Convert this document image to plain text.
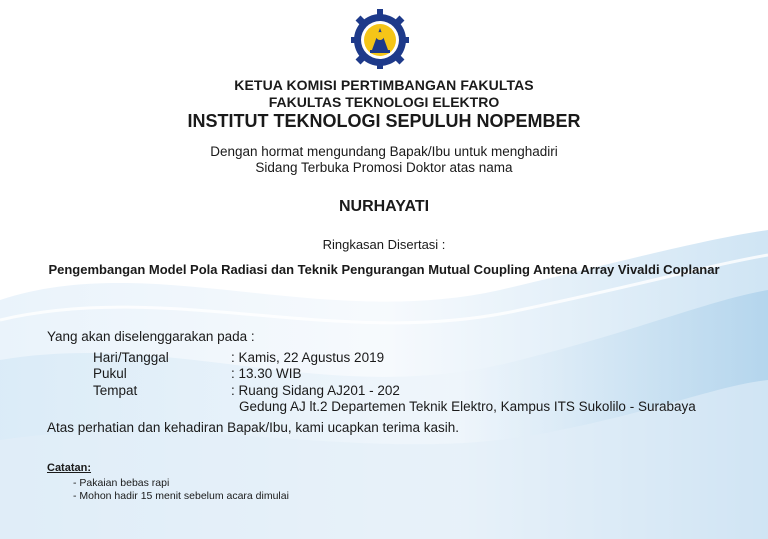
KETUA KOMISI PERTIMBANGAN FAKULTAS

FAKULTAS TEKNOLOGI ELEKTRO

INSTITUT TEKNOLOGI SEPULUH NOPEMBER

Dengan hormat mengundang Bapak/Ibu untuk menghadiri

Sidang Terbuka Promosi Doktor atas nama

NURHAYATI

Ringkasan Disertasi :

Pengembangan Model Pola Radiasi dan Teknik Pengurangan Mutual Coupling Antena Array Vivaldi Coplanar

Yang akan diselenggarakan pada :

Hari/Tanggal	: Kamis, 22 Agustus 2019

Pukul	: 13.30 WIB

Tempat	: Ruang Sidang AJ201 - 202

Gedung AJ lt.2 Departemen Teknik Elektro, Kampus ITS Sukolilo - Surabaya

Atas perhatian dan kehadiran Bapak/Ibu, kami ucapkan terima kasih.

Catatan:

- Pakaian bebas rapi

- Mohon hadir 15 menit sebelum acara dimulai
